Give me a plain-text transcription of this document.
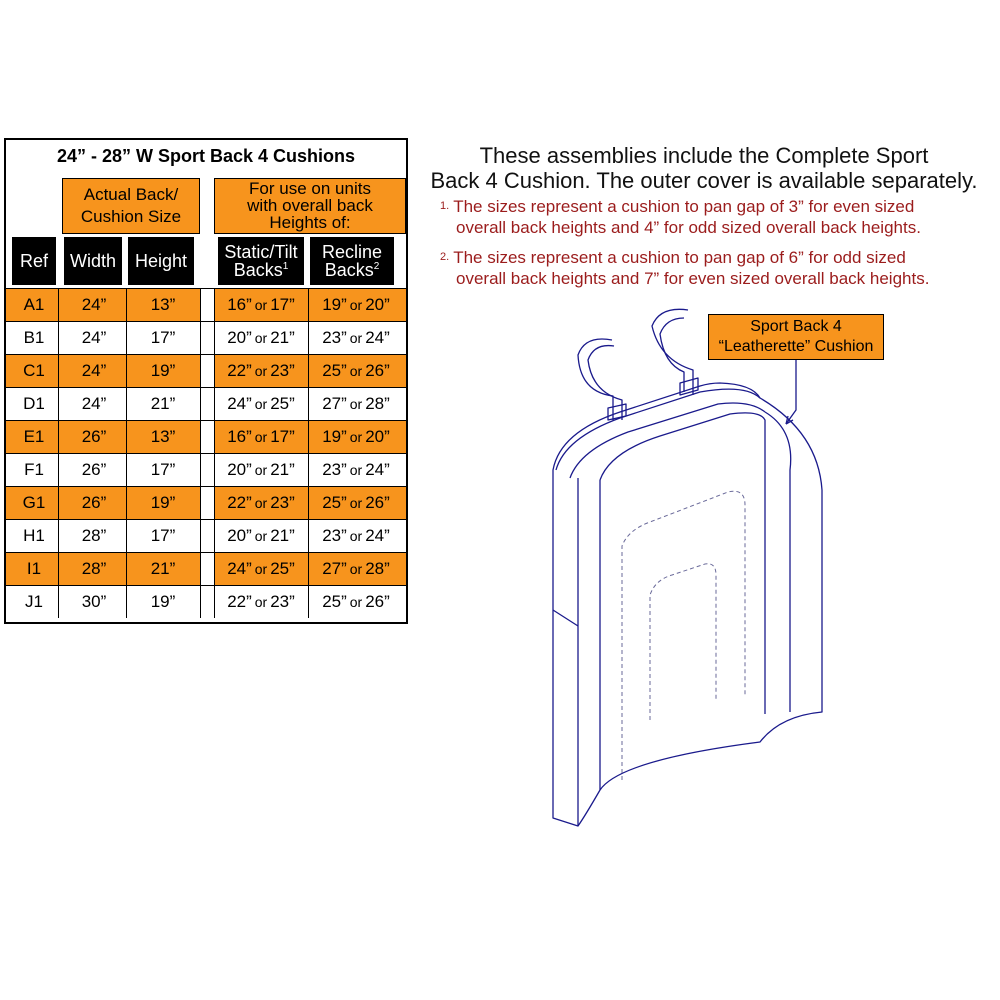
24” - 28” W Sport Back 4 Cushions
Actual Back/
Cushion Size
For use on units
with overall back
Heights of:
Ref Width Height Static/Tilt
Backs$^1$
Recline
Backs$^2$
A1	24”	13”	16” or 17” 19” or 20”
B1	24”	17”	20” or 21” 23” or 24”
C1	24”	19”	22” or 23” 25” or 26”
D1	24”	21”	24” or 25” 27” or 28”
E1	26”	13”	16” or 17” 19” or 20”
F1	26”	17”	20” or 21” 23” or 24”
G1	26”	19”	22” or 23” 25” or 26”
H1	28”	17”	20” or 21” 23” or 24”
I1	28”	21”	24” or 25” 27” or 28”
J1	30”	19”	22” or 23” 25” or 26”
These assemblies include the Complete Sport
Back 4 Cushion. The outer cover is available separately.
$^{1.}$ The sizes represent a cushion to pan gap of 3” for even sized
overall back heights and 4” for odd sized overall back heights.
$^{2.}$ The sizes represent a cushion to pan gap of 6” for odd sized
overall back heights and 7” for even sized overall back heights.
Sport Back 4
“Leatherette” Cushion
